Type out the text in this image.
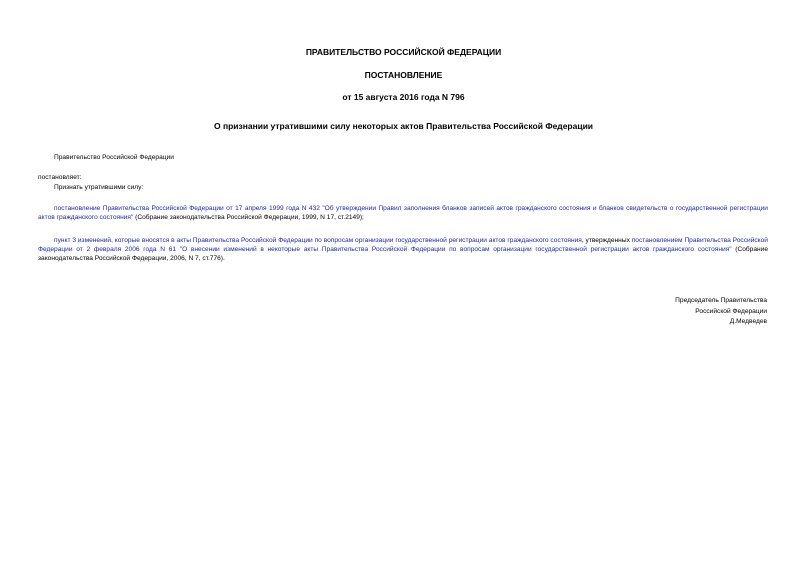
ПРАВИТЕЛЬСТВО РОССИЙСКОЙ ФЕДЕРАЦИИ
ПОСТАНОВЛЕНИЕ
от 15 августа 2016 года N 796
О признании утратившими силу некоторых актов Правительства Российской Федерации
Правительство Российской Федерации
постановляет:
Признать утратившими силу:
постановление Правительства Российской Федерации от 17 апреля 1999 года N 432 "Об утверждении Правил заполнения бланков записей актов гражданского состояния и бланков свидетельств о государственной регистрации актов гражданского состояния" (Собрание законодательства Российской Федерации, 1999, N 17, ст.2149);
пункт 3 изменений, которые вносятся в акты Правительства Российской Федерации по вопросам организации государственной регистрации актов гражданского состояния, утвержденных постановлением Правительства Российской Федерации от 2 февраля 2006 года N 61 "О внесении изменений в некоторые акты Правительства Российской Федерации по вопросам организации государственной регистрации актов гражданского состояния" (Собрание законодательства Российской Федерации, 2006, N 7, ст.776).
Председатель Правительства
Российской Федерации
Д.Медведев
